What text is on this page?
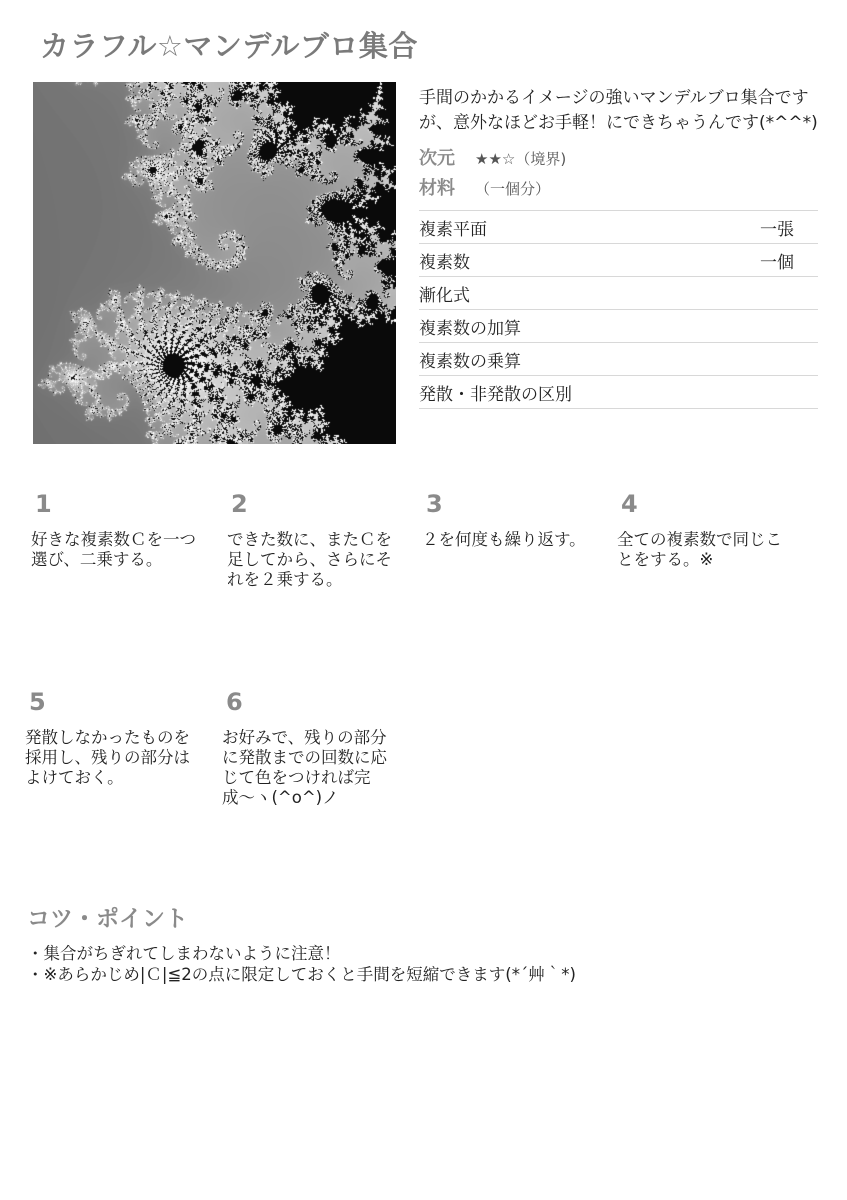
カラフル☆マンデルブロ集合

手間のかかるイメージの強いマンデルブロ集合ですが、意外なほどお手軽！にできちゃうんです(*^^*)

次元	★★☆ （境界)
材料	（一個分）
複素平面	一張
複素数	一個
漸化式
複素数の加算
複素数の乗算
発散・非発散の区別
1

好きな複素数Ｃを一つ選び、二乗する。

2

できた数に、またＣを足してから、さらにそれを２乗する。

3

２を何度も繰り返す。

4

全ての複素数で同じことをする。※

5

発散しなかったものを採用し、残りの部分はよけておく。

6

お好みで、残りの部分に発散までの回数に応じて色をつければ完成〜ヽ(^o^)ノ

コツ・ポイント

・集合がちぎれてしまわないように注意！

・※あらかじめ|Ｃ|≦2の点に限定しておくと手間を短縮できます(*´艸｀*)
